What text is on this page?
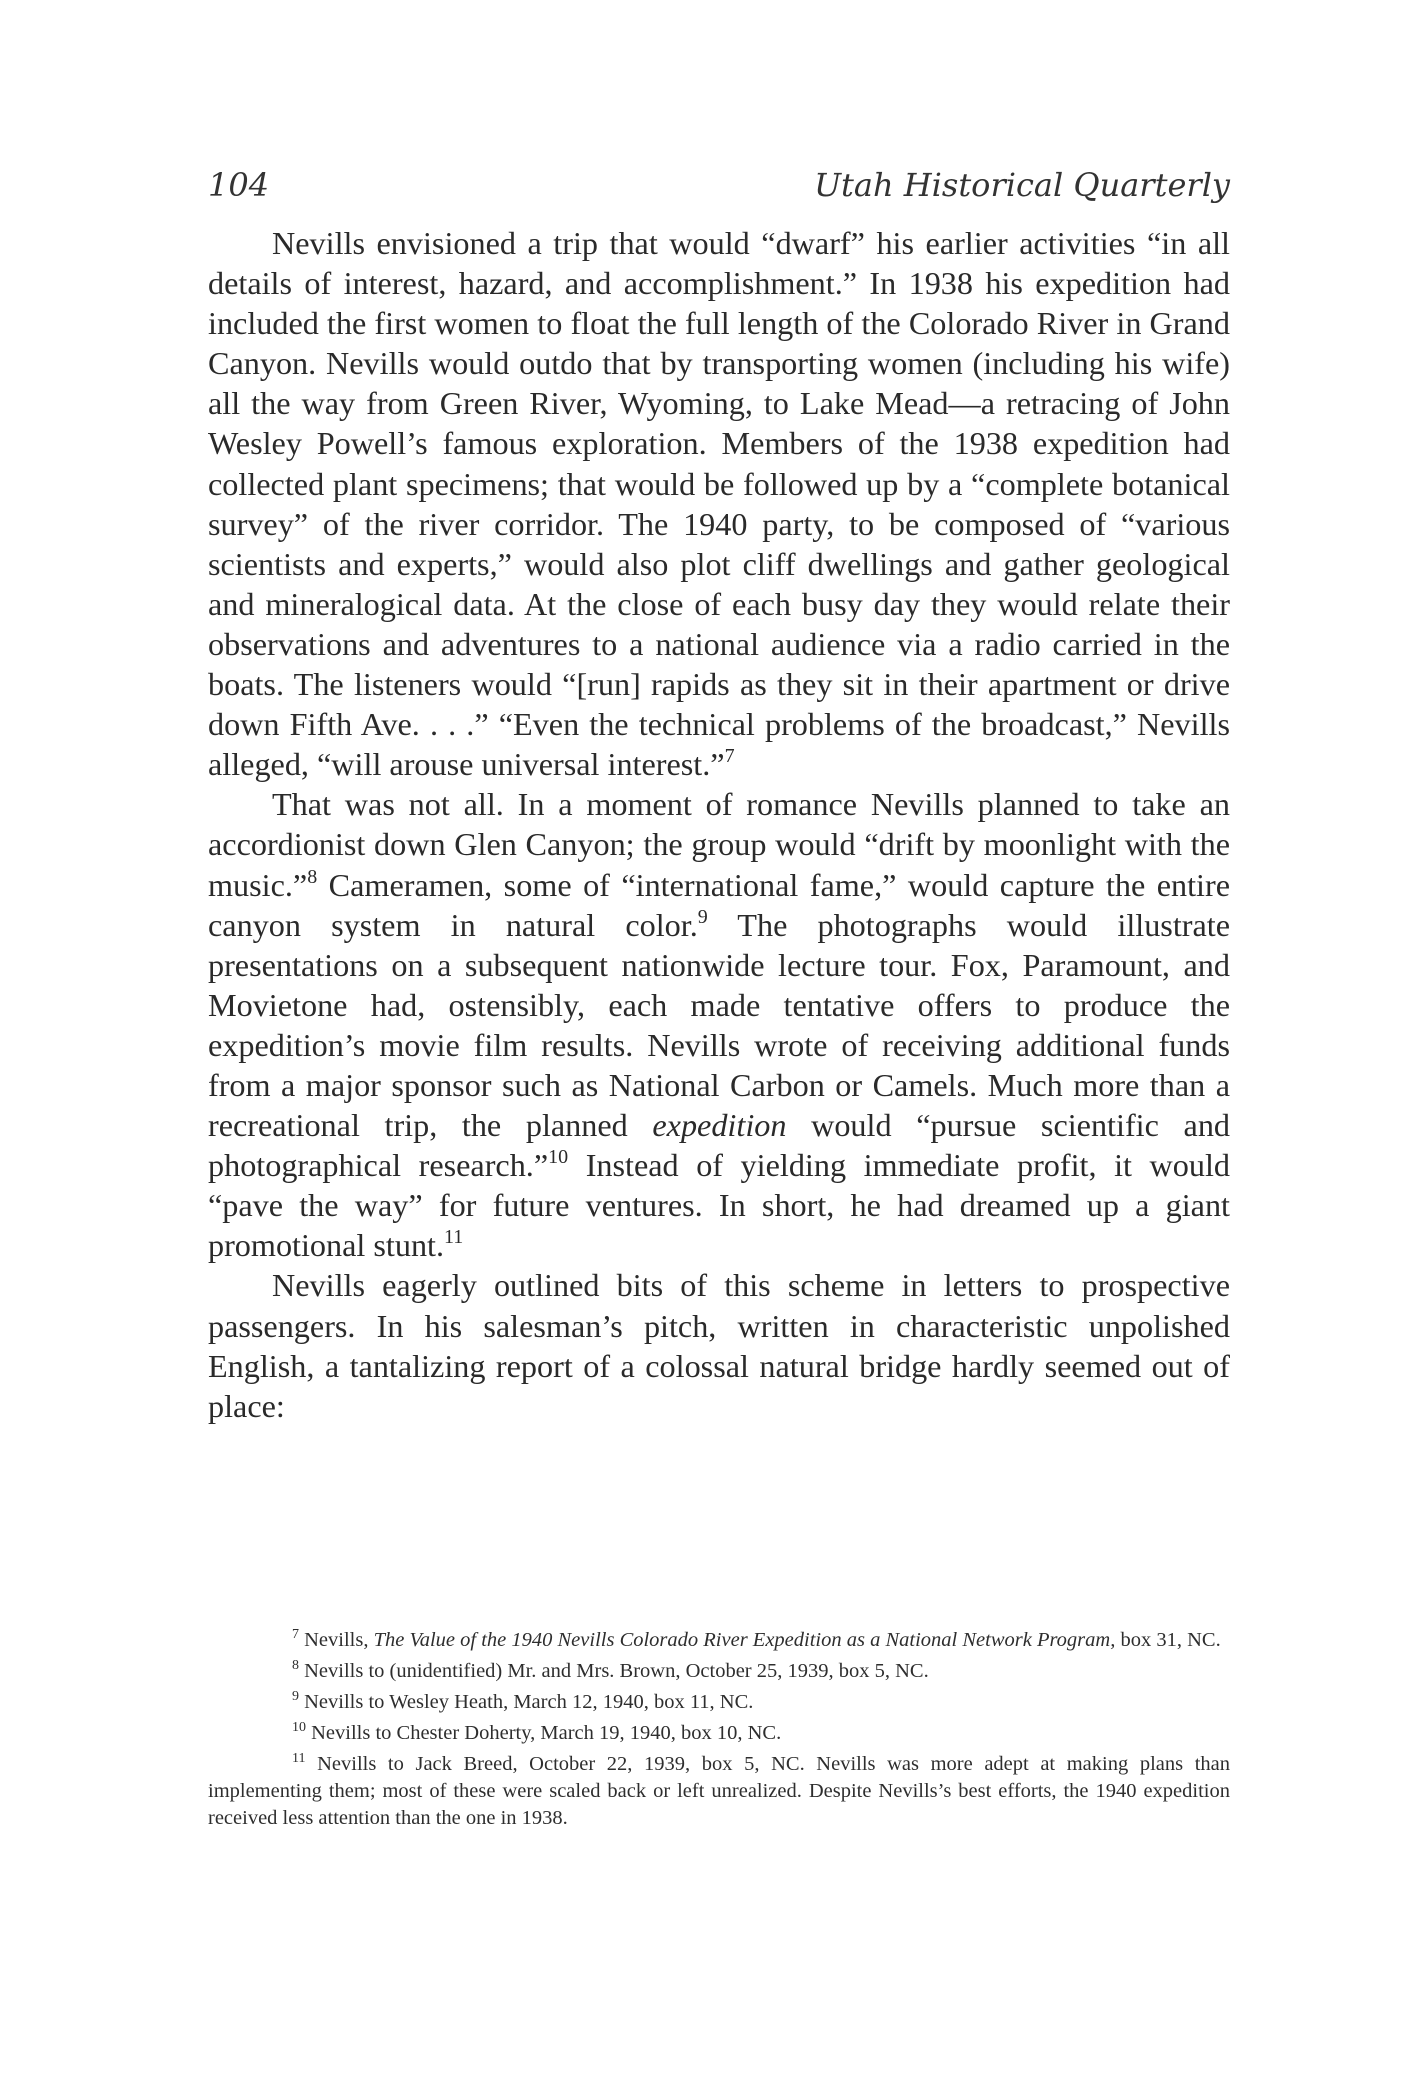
104	Utah Historical Quarterly

Nevills envisioned a trip that would “dwarf” his earlier activities “in all details of interest, hazard, and accomplishment.” In 1938 his expedition had included the first women to float the full length of the Colorado River in Grand Canyon. Nevills would outdo that by transporting women (including his wife) all the way from Green River, Wyoming, to Lake Mead—a retracing of John Wesley Powell’s famous exploration. Members of the 1938 expedition had collected plant specimens; that would be followed up by a “complete botanical survey” of the river corridor. The 1940 party, to be composed of “various scientists and experts,” would also plot cliff dwellings and gather geological and mineralogical data. At the close of each busy day they would relate their observations and adventures to a national audience via a radio carried in the boats. The listeners would “[run] rapids as they sit in their apartment or drive down Fifth Ave. . . .” “Even the technical problems of the broadcast,” Nevills alleged, “will arouse universal interest.”$^7$

That was not all. In a moment of romance Nevills planned to take an accordionist down Glen Canyon; the group would “drift by moonlight with the music.”$^8$ Cameramen, some of “international fame,” would capture the entire canyon system in natural color.$^9$ The photographs would illustrate presentations on a subsequent nationwide lecture tour. Fox, Paramount, and Movietone had, ostensibly, each made tentative offers to produce the expedition’s movie film results. Nevills wrote of receiving additional funds from a major sponsor such as National Carbon or Camels. Much more than a recreational trip, the planned expedition would “pursue scientific and photographical research.”$^{10}$ Instead of yielding immediate profit, it would “pave the way” for future ventures. In short, he had dreamed up a giant promotional stunt.$^{11}$

Nevills eagerly outlined bits of this scheme in letters to prospective passengers. In his salesman’s pitch, written in characteristic unpolished English, a tantalizing report of a colossal natural bridge hardly seemed out of place:

$^7$ Nevills, The Value of the 1940 Nevills Colorado River Expedition as a National Network Program, box 31, NC.

$^8$ Nevills to (unidentified) Mr. and Mrs. Brown, October 25, 1939, box 5, NC.

$^9$ Nevills to Wesley Heath, March 12, 1940, box 11, NC.

$^{10}$ Nevills to Chester Doherty, March 19, 1940, box 10, NC.

$^{11}$ Nevills to Jack Breed, October 22, 1939, box 5, NC. Nevills was more adept at making plans than implementing them; most of these were scaled back or left unrealized. Despite Nevills’s best efforts, the 1940 expedition received less attention than the one in 1938.
